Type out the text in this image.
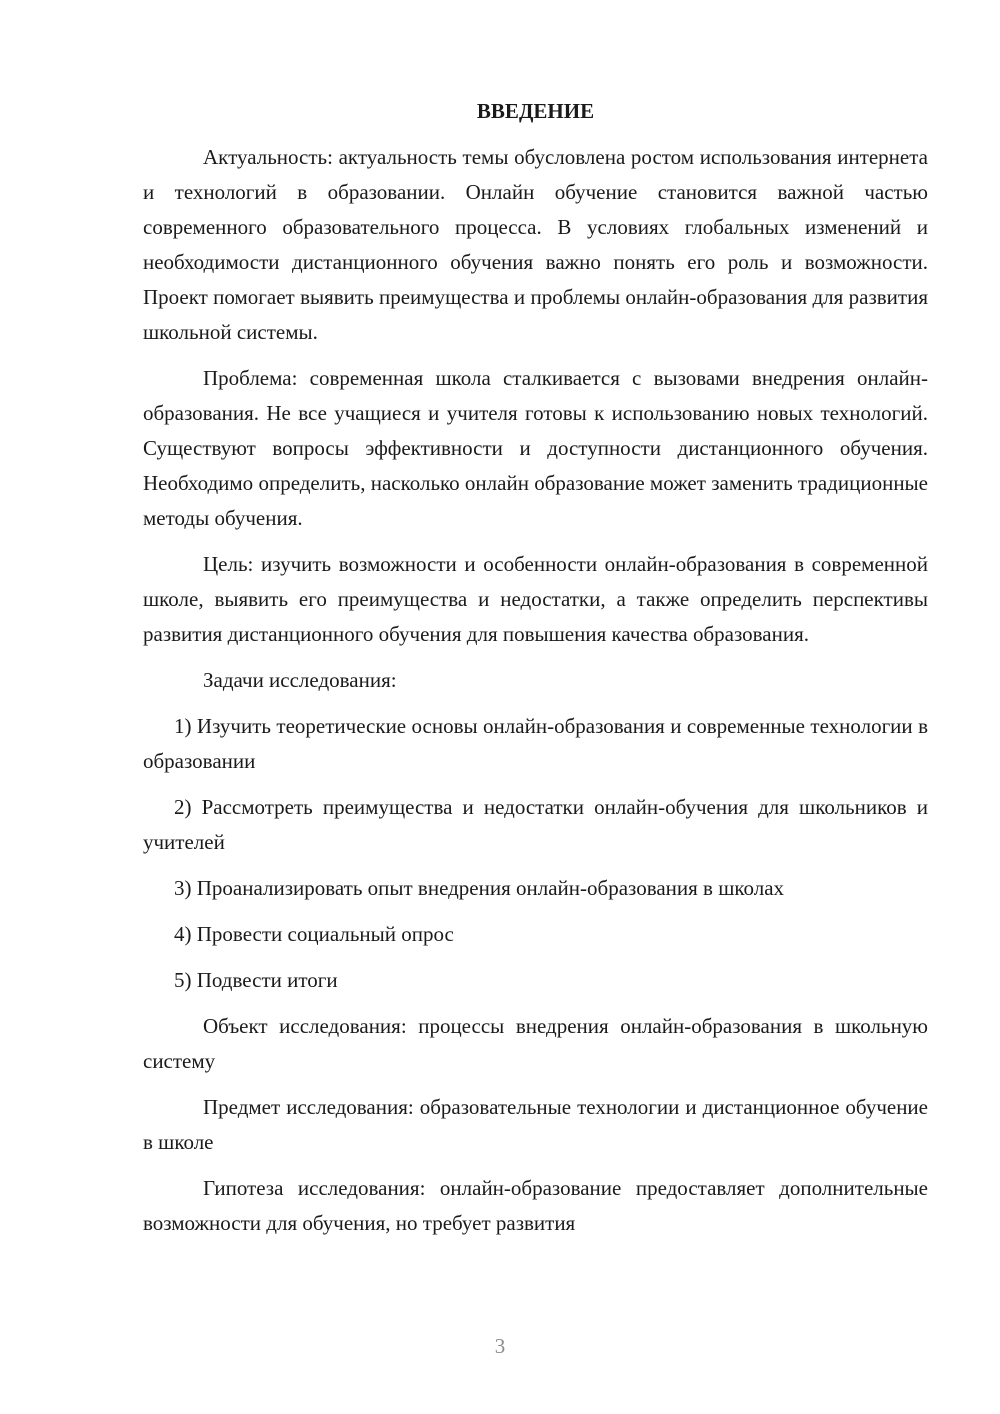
ВВЕДЕНИЕ

Актуальность: актуальность темы обусловлена ростом использования интернета и технологий в образовании. Онлайн обучение становится важной частью современного образовательного процесса. В условиях глобальных изменений и необходимости дистанционного обучения важно понять его роль и возможности. Проект помогает выявить преимущества и проблемы онлайн-образования для развития школьной системы.

Проблема: современная школа сталкивается с вызовами внедрения онлайн-образования. Не все учащиеся и учителя готовы к использованию новых технологий. Существуют вопросы эффективности и доступности дистанционного обучения. Необходимо определить, насколько онлайн образование может заменить традиционные методы обучения.

Цель: изучить возможности и особенности онлайн-образования в современной школе, выявить его преимущества и недостатки, а также определить перспективы развития дистанционного обучения для повышения качества образования.

Задачи исследования:

1) Изучить теоретические основы онлайн-образования и современные технологии в образовании

2) Рассмотреть преимущества и недостатки онлайн-обучения для школьников и учителей

3) Проанализировать опыт внедрения онлайн-образования в школах

4) Провести социальный опрос

5) Подвести итоги

Объект исследования: процессы внедрения онлайн-образования в школьную систему

Предмет исследования: образовательные технологии и дистанционное обучение в школе

Гипотеза исследования: онлайн-образование предоставляет дополнительные возможности для обучения, но требует развития

3
